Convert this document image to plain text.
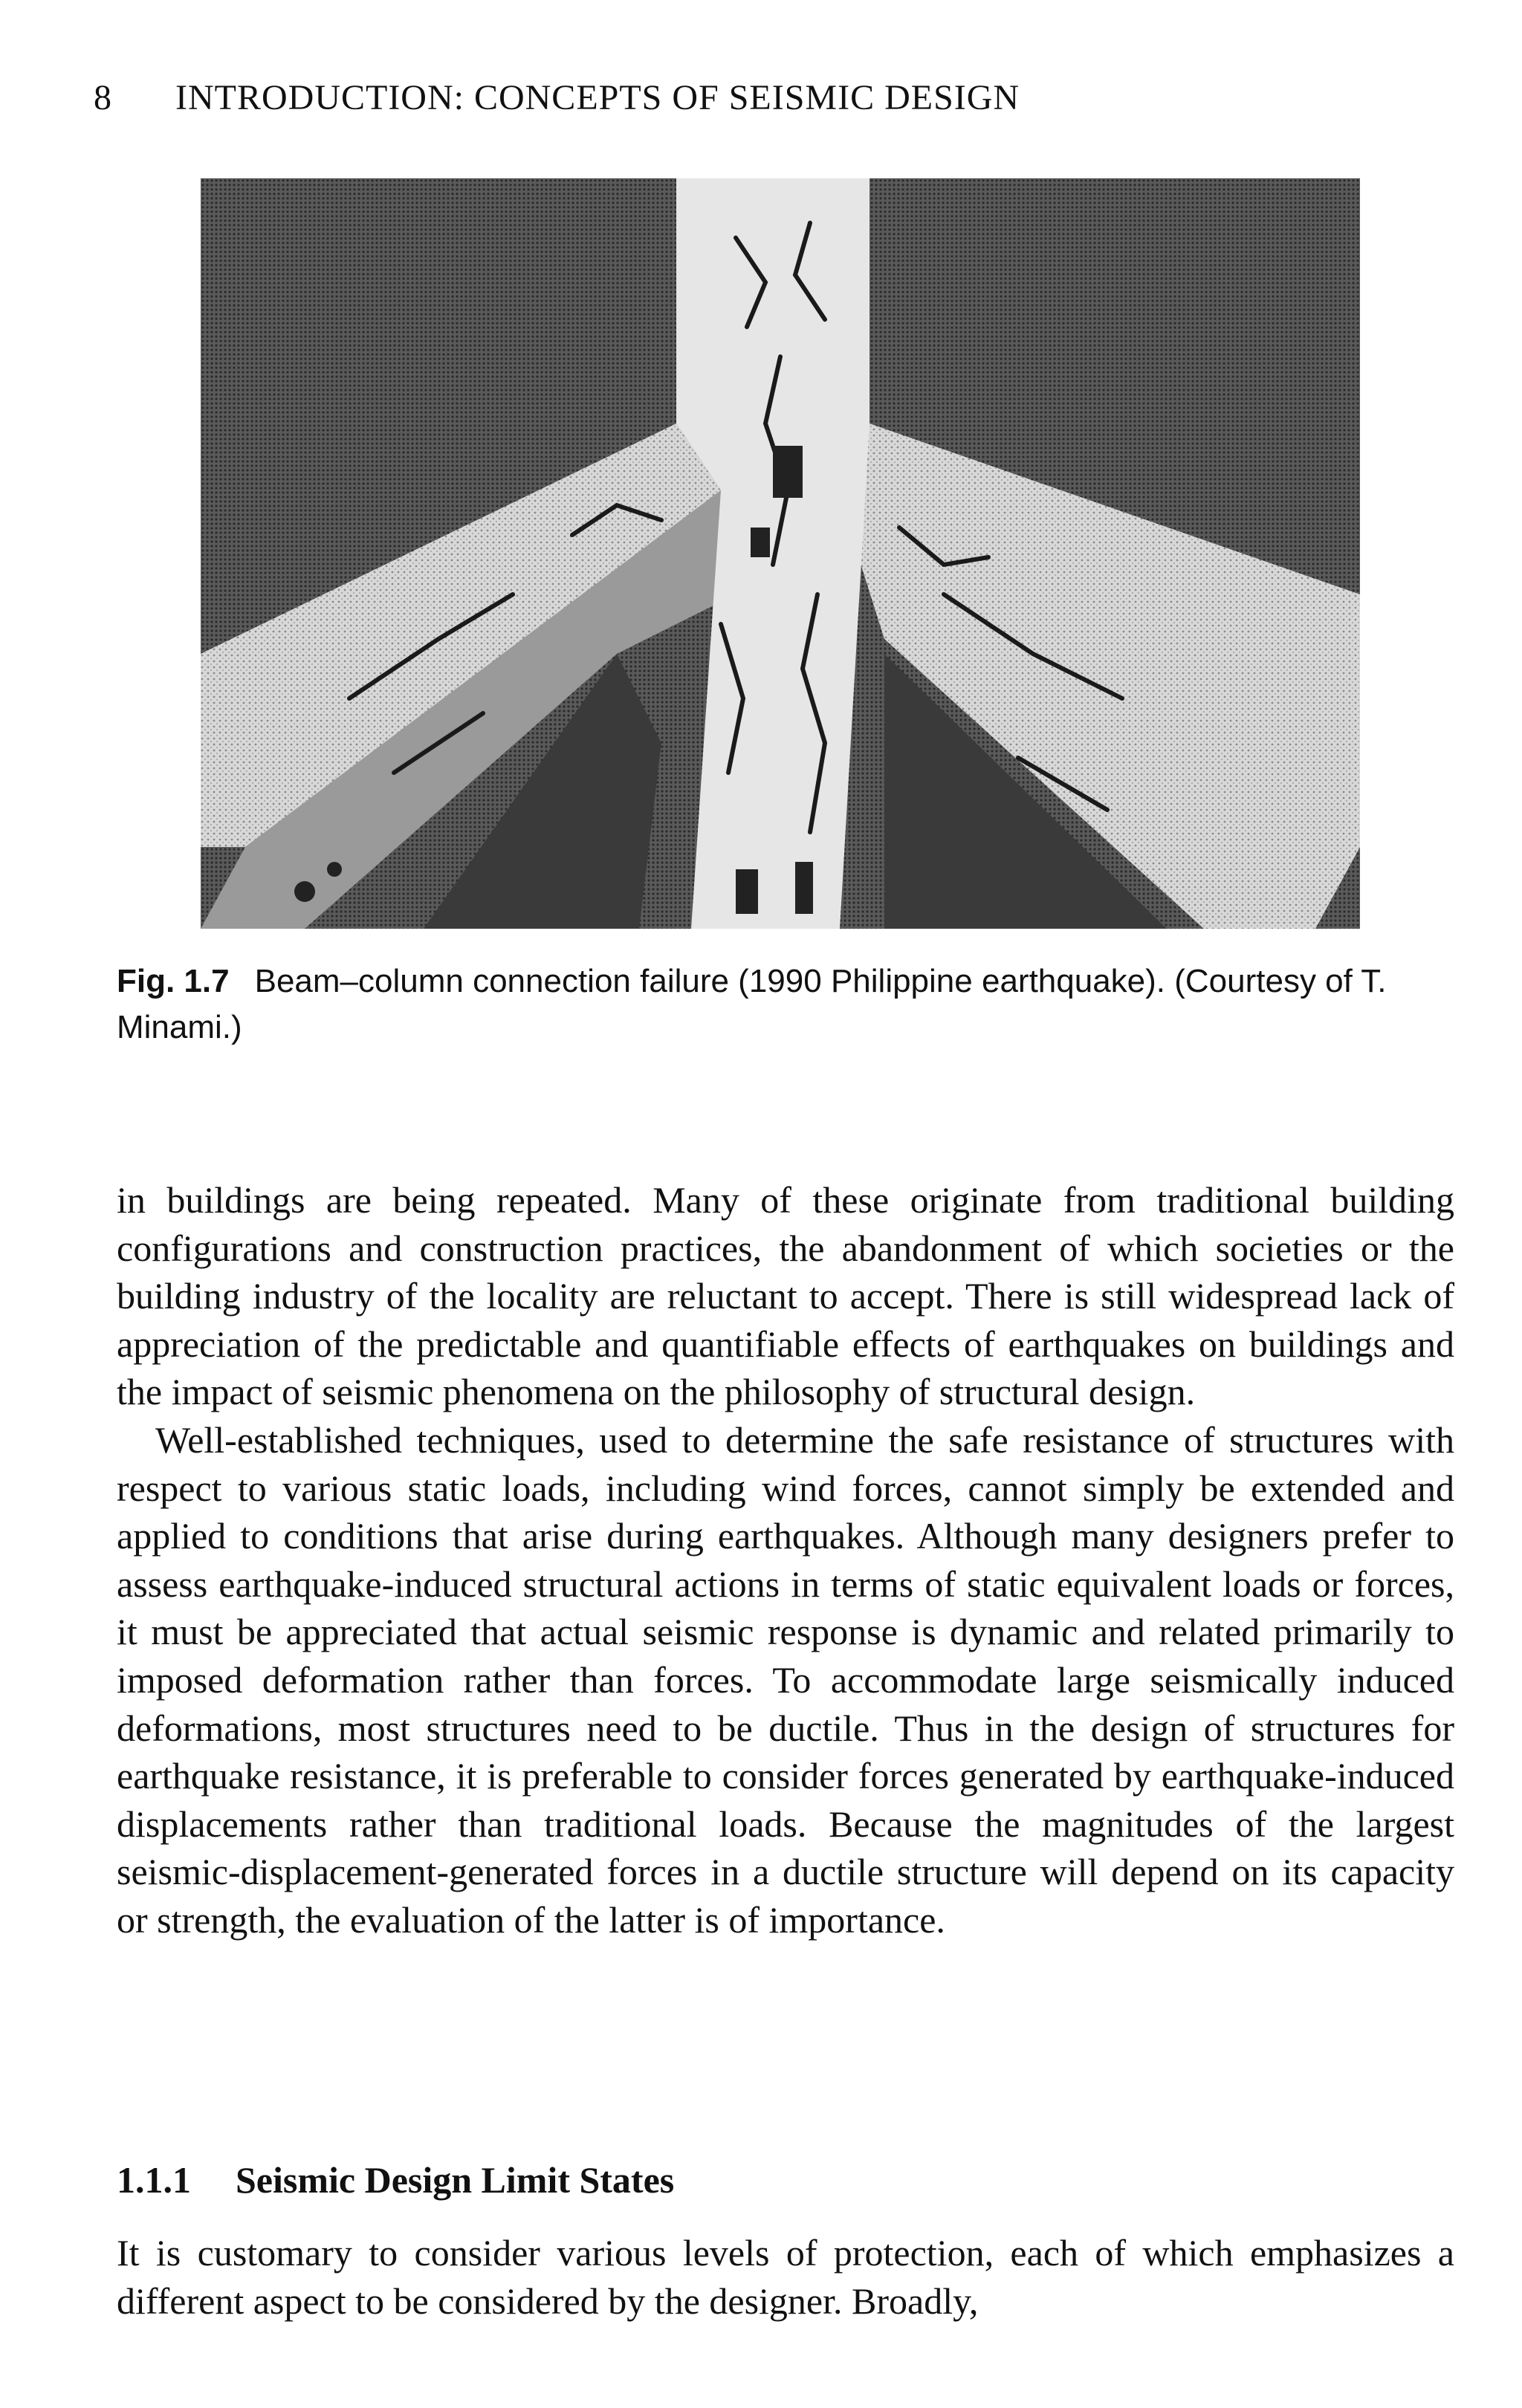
8 INTRODUCTION: CONCEPTS OF SEISMIC DESIGN
Fig. 1.7 Beam–column connection failure (1990 Philippine earthquake). (Courtesy of T. Minami.)

in buildings are being repeated. Many of these originate from traditional building configurations and construction practices, the abandonment of which societies or the building industry of the locality are reluctant to accept. There is still widespread lack of appreciation of the predictable and quantifiable effects of earthquakes on buildings and the impact of seismic phenomena on the philosophy of structural design.

Well-established techniques, used to determine the safe resistance of structures with respect to various static loads, including wind forces, cannot simply be extended and applied to conditions that arise during earthquakes. Although many designers prefer to assess earthquake-induced structural actions in terms of static equivalent loads or forces, it must be appreciated that actual seismic response is dynamic and related primarily to imposed deformation rather than forces. To accommodate large seismically induced deformations, most structures need to be ductile. Thus in the design of structures for earthquake resistance, it is preferable to consider forces generated by earthquake-induced displacements rather than traditional loads. Because the magnitudes of the largest seismic-displacement-generated forces in a ductile structure will depend on its capacity or strength, the evaluation of the latter is of importance.

1.1.1 Seismic Design Limit States

It is customary to consider various levels of protection, each of which emphasizes a different aspect to be considered by the designer. Broadly,
